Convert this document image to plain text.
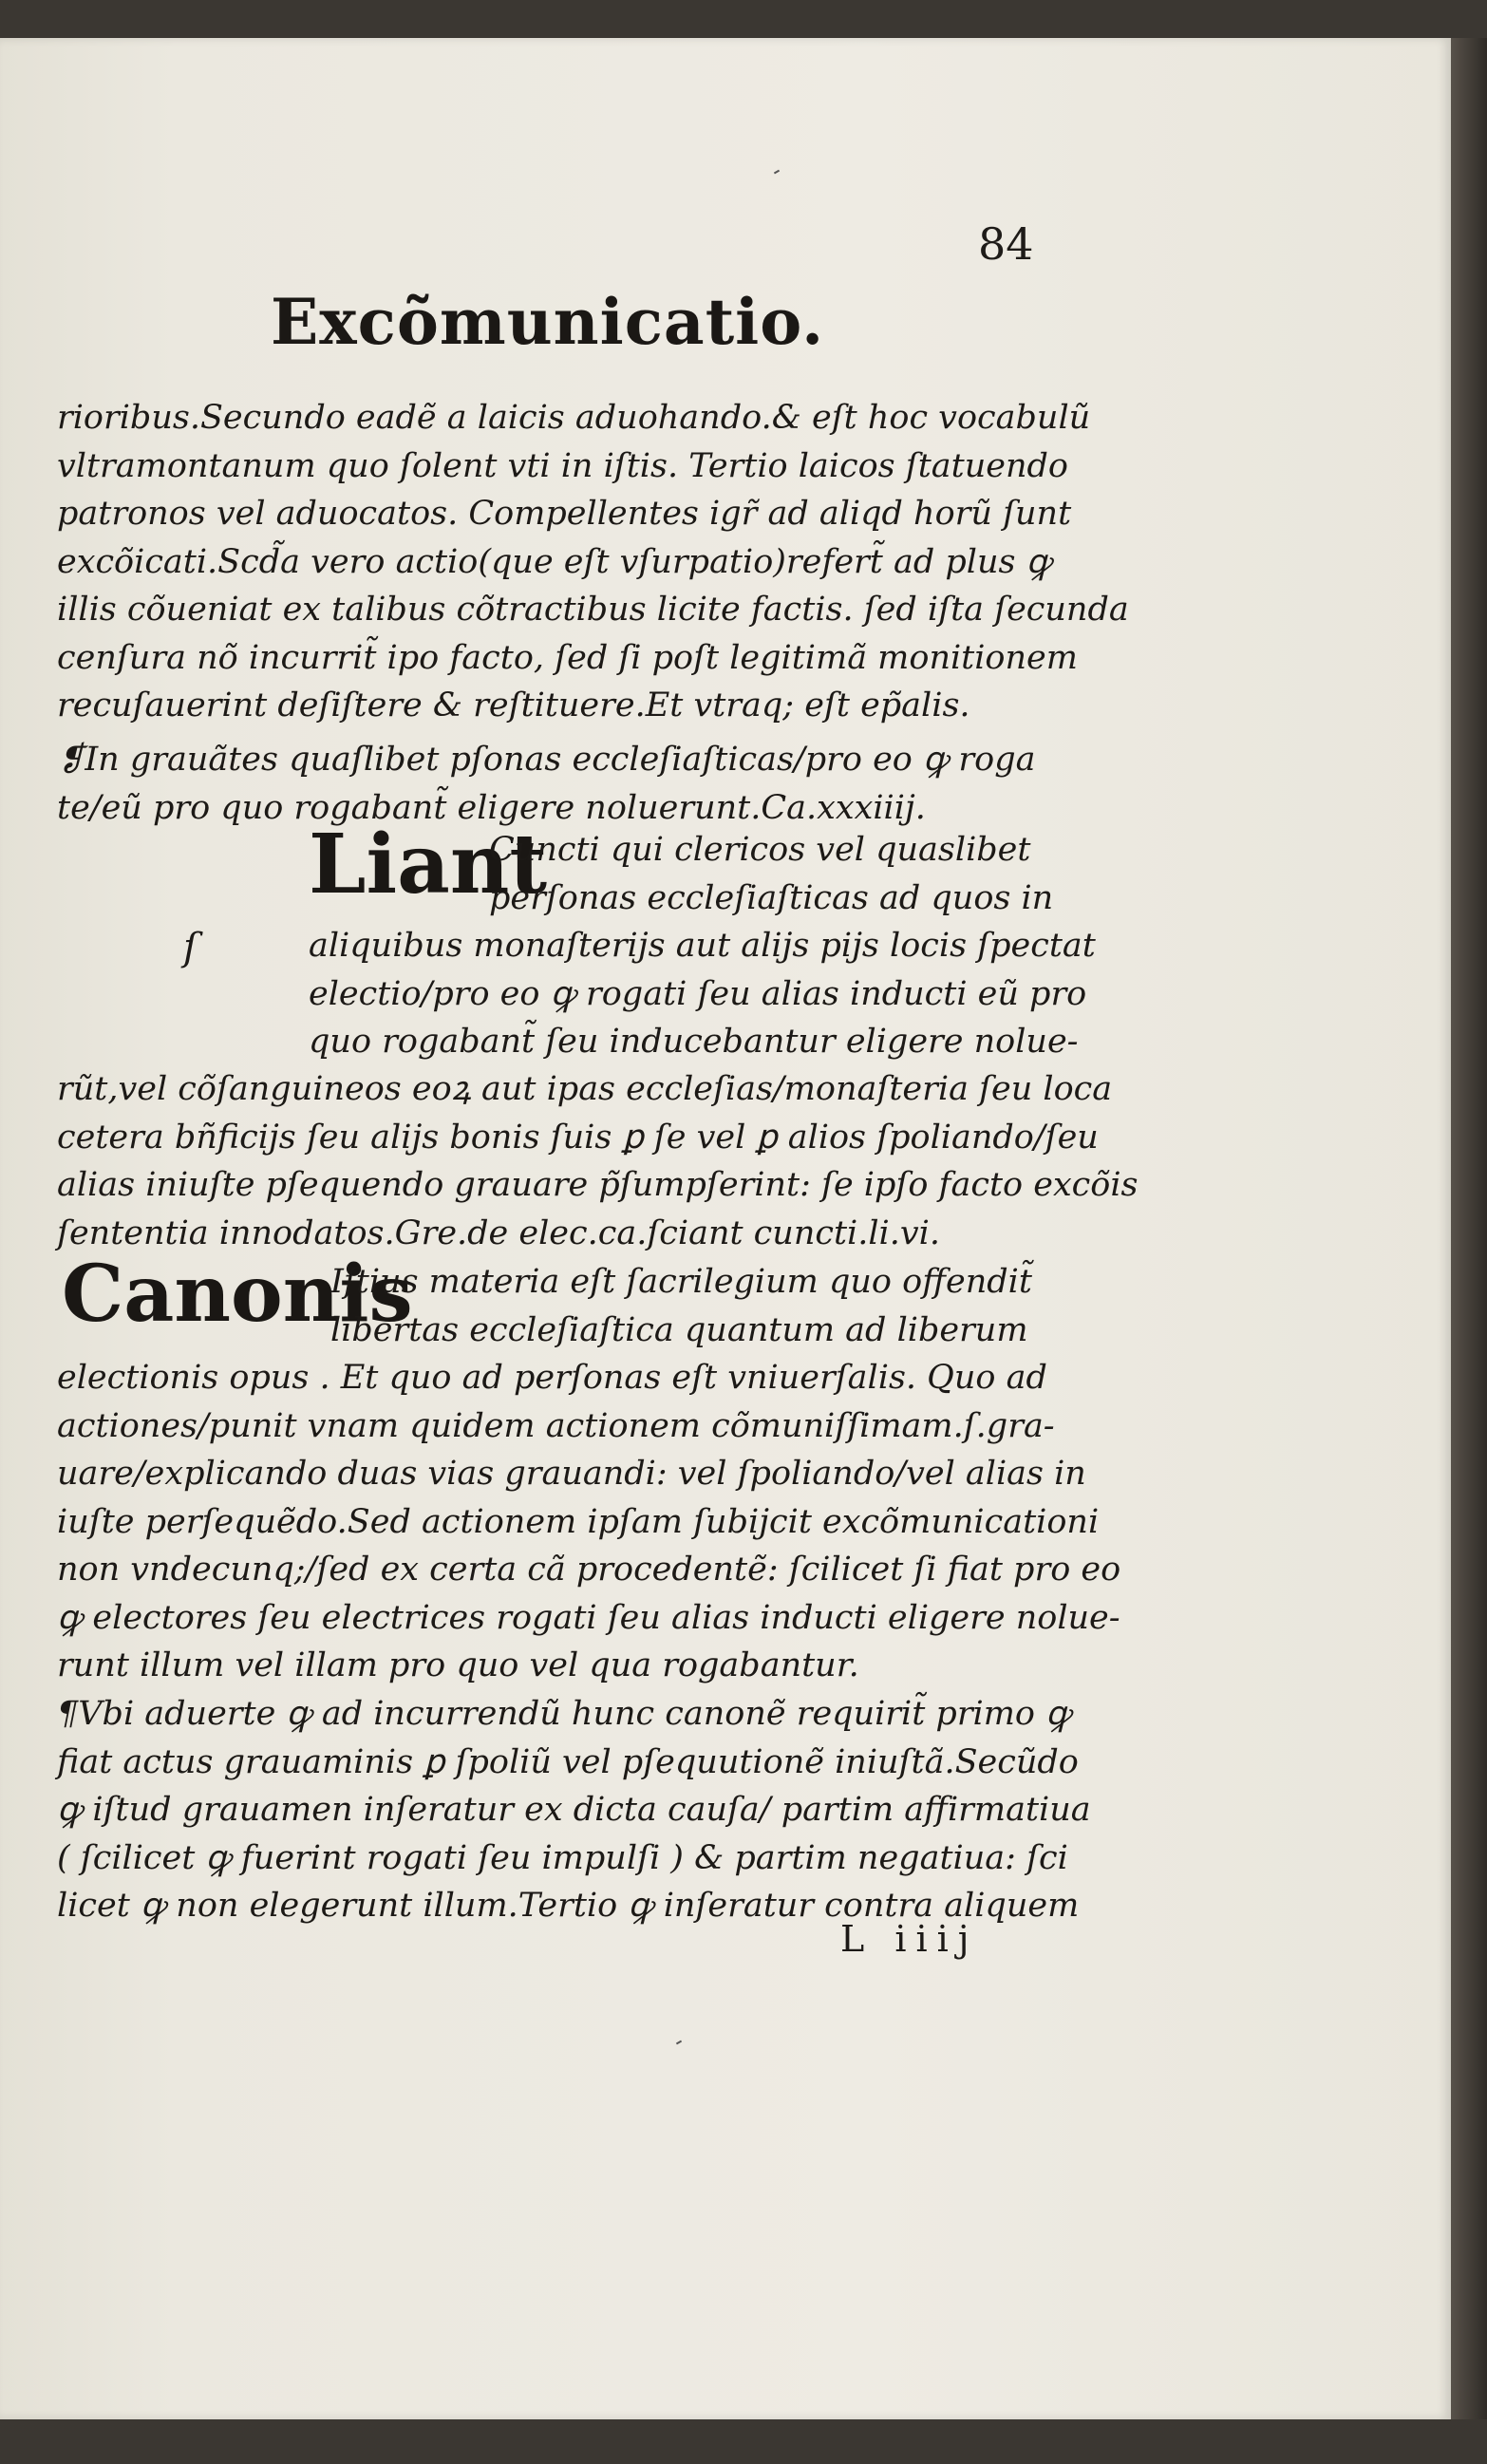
84
Excõmunicatio.
rioribus.Secundo eadẽ a laicis aduohando.& eſt hoc vocabulũ
vltramontanum quo ſolent vti in iſtis. Tertio laicos ſtatuendo
patronos vel aduocatos. Compellentes igr̃ ad aliqd horũ ſunt
excõicati.Scd̃a vero actio(que eſt vſurpatio)refert̃ ad plus ꝙ
illis cõueniat ex talibus cõtractibus licite factis. ſed iſta ſecunda
cenſura nõ incurrit̃ ipo facto, ſed ſi poſt legitimã monitionem
recuſauerint deſiſtere & reſtituere.Et vtraq; eſt ep̃alis.
❡In grauãtes quaſlibet pſonas eccleſiaſticas/pro eo ꝙ roga
te/eũ pro quo rogabant̃ eligere noluerunt.Ca.xxxiiij.
Liant
ſ
Cuncti qui clericos vel quaslibet
perſonas eccleſiaſticas ad quos in
aliquibus monaſterijs aut alijs pijs locis ſpectat
electio/pro eo ꝙ rogati ſeu alias inducti eũ pro
quo rogabant̃ ſeu inducebantur eligere nolue-
rũt,vel cõſanguineos eoꝝ aut ipas eccleſias/monaſteria ſeu loca
cetera bñficijs ſeu alijs bonis ſuis ꝑ ſe vel ꝑ alios ſpoliando/ſeu
alias iniuſte pſequendo grauare p̃ſumpſerint: ſe ipſo facto excõis
ſententia innodatos.Gre.de elec.ca.ſciant cuncti.li.vi.
Canonis
Iſtius materia eſt ſacrilegium quo offendit̃
libertas eccleſiaſtica quantum ad liberum
electionis opus . Et quo ad perſonas eſt vniuerſalis. Quo ad
actiones/punit vnam quidem actionem cõmuniſſimam.ſ.gra-
uare/explicando duas vias grauandi: vel ſpoliando/vel alias in
iuſte perſequẽdo.Sed actionem ipſam ſubijcit excõmunicationi
non vndecunq;/ſed ex certa cã procedentẽ: ſcilicet ſi fiat pro eo
ꝙ electores ſeu electrices rogati ſeu alias inducti eligere nolue-
runt illum vel illam pro quo vel qua rogabantur.
¶Vbi aduerte ꝙ ad incurrendũ hunc canonẽ requirit̃ primo ꝙ
fiat actus grauaminis ꝑ ſpoliũ vel pſequutionẽ iniuſtã.Secũdo
ꝙ iſtud grauamen inſeratur ex dicta cauſa/ partim affirmatiua
( ſcilicet ꝙ fuerint rogati ſeu impulſi ) & partim negatiua: ſci
licet ꝙ non elegerunt illum.Tertio ꝙ inſeratur contra aliquem
L iiij
